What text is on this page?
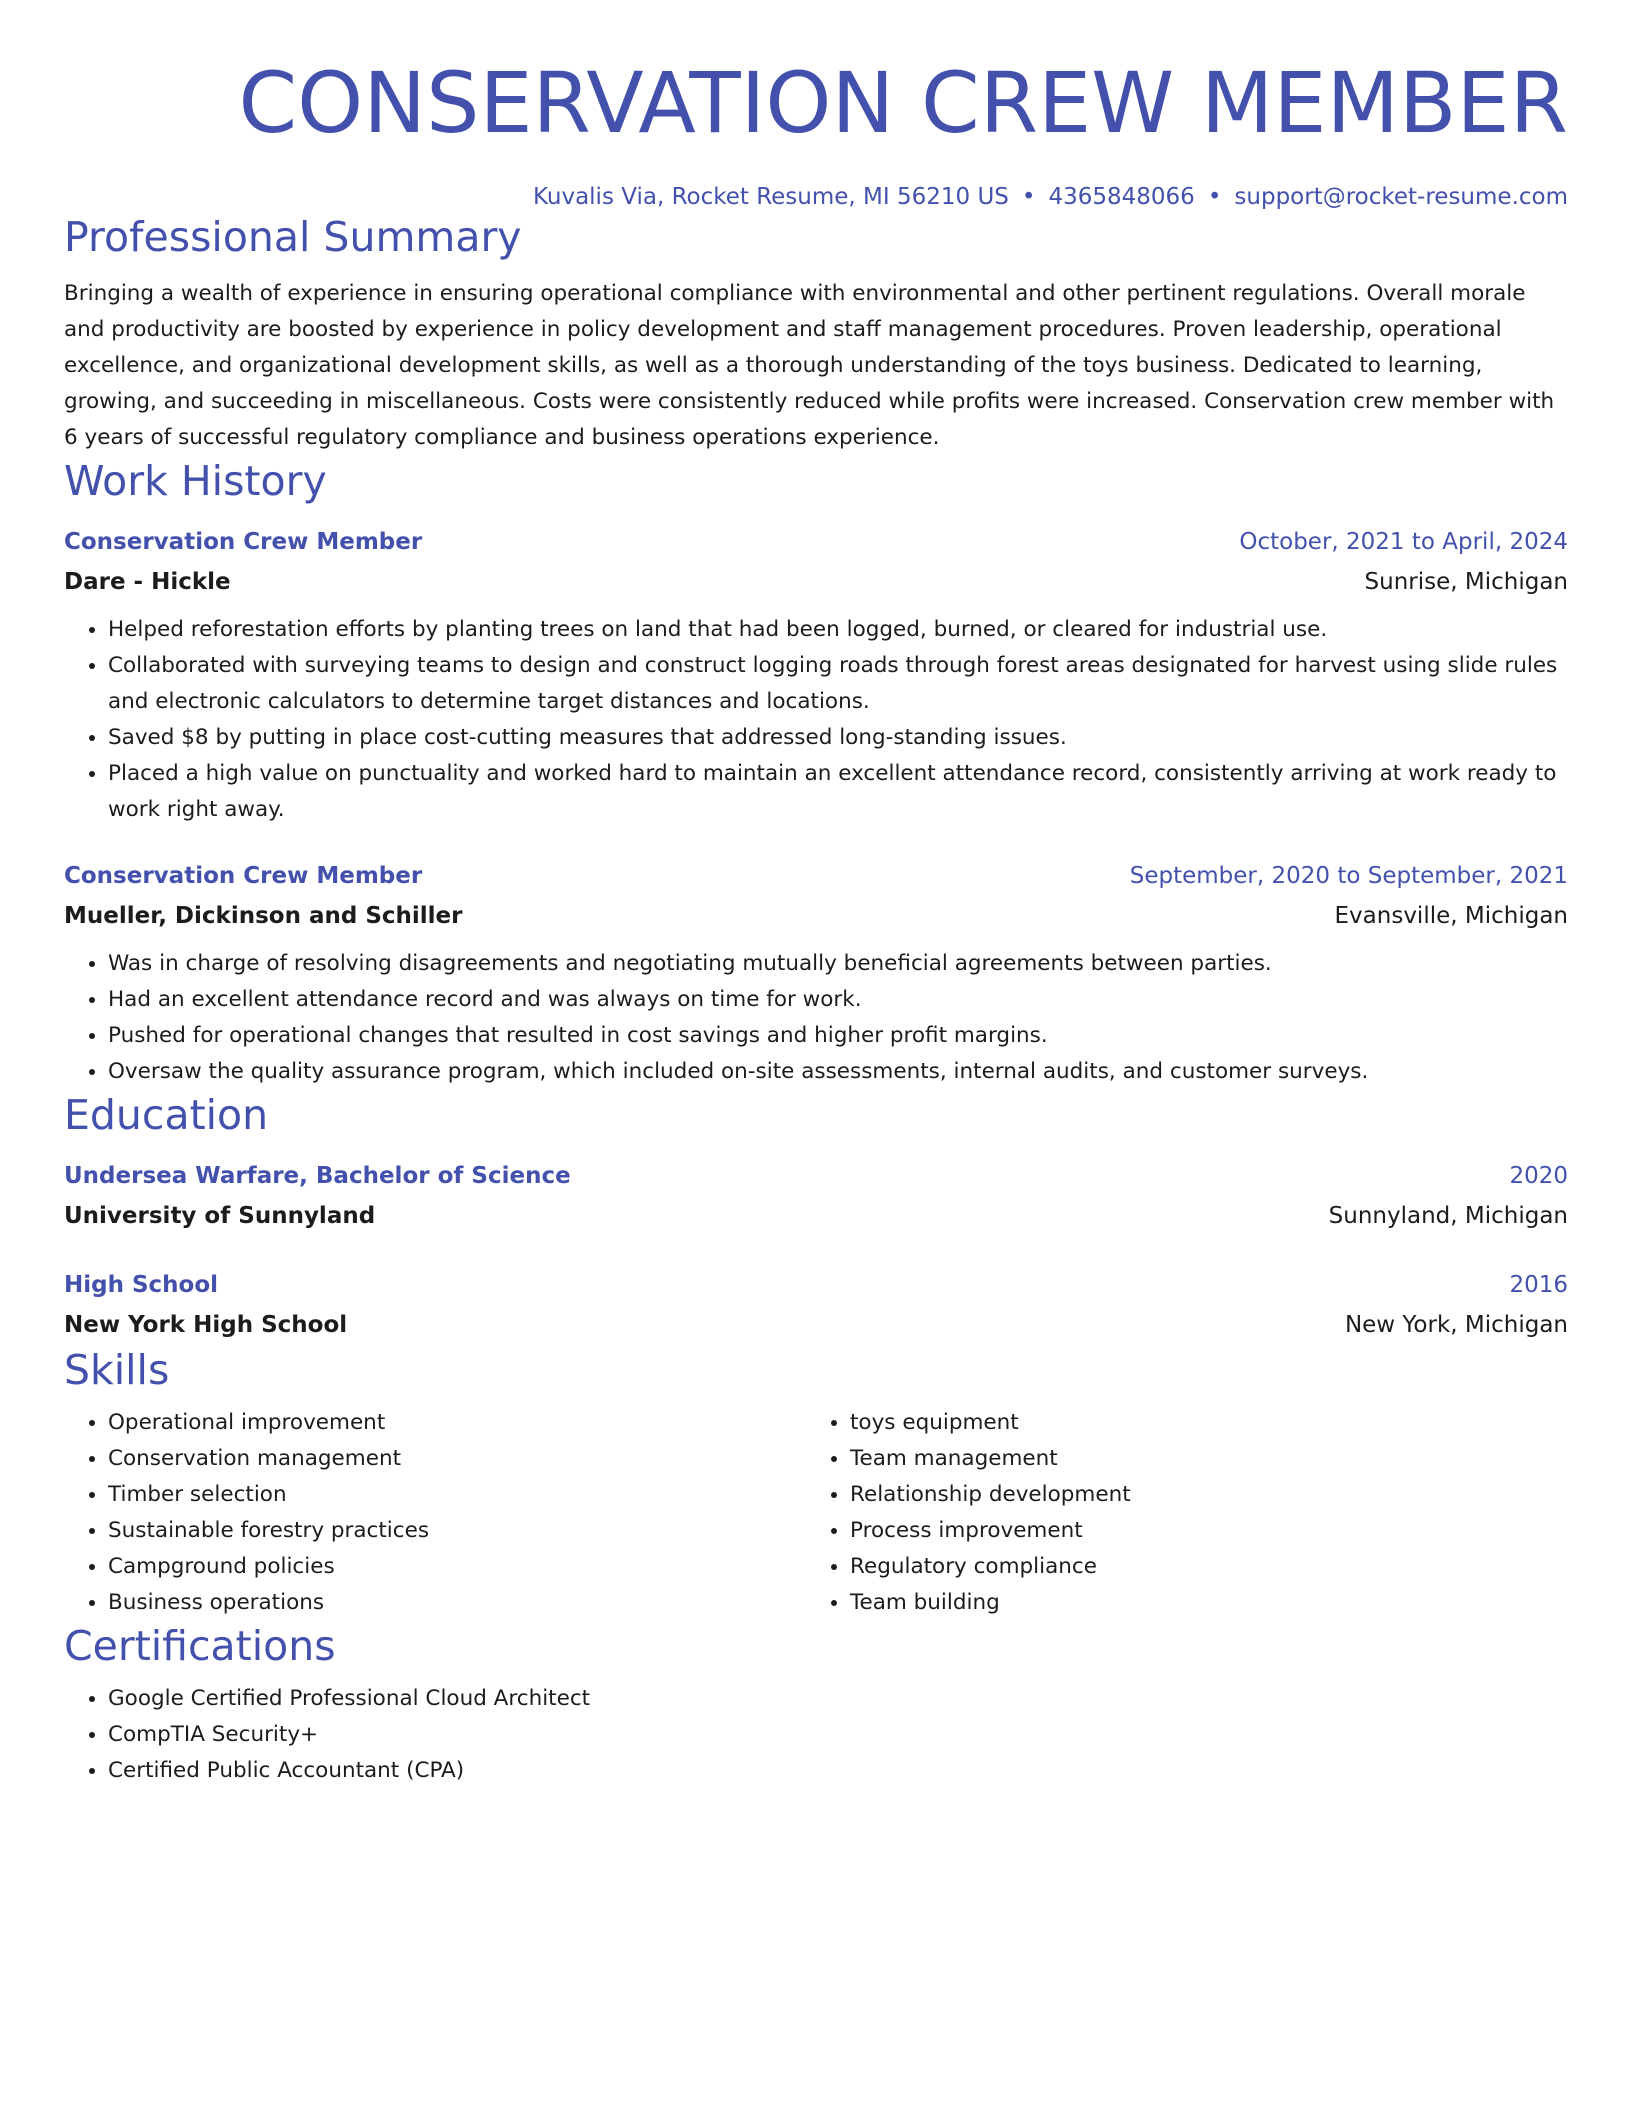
CONSERVATION CREW MEMBER
Kuvalis Via, Rocket Resume, MI 56210 US • 4365848066 • support@rocket-resume.com
Professional Summary

Bringing a wealth of experience in ensuring operational compliance with environmental and other pertinent regulations. Overall morale and productivity are boosted by experience in policy development and staff management procedures. Proven leadership, operational excellence, and organizational development skills, as well as a thorough understanding of the toys business. Dedicated to learning, growing, and succeeding in miscellaneous. Costs were consistently reduced while profits were increased. Conservation crew member with 6 years of successful regulatory compliance and business operations experience.

Work History
Conservation Crew Member	October, 2021 to April, 2024
Dare - Hickle	Sunrise, Michigan
• Helped reforestation efforts by planting trees on land that had been logged, burned, or cleared for industrial use.
• Collaborated with surveying teams to design and construct logging roads through forest areas designated for harvest using slide rules and electronic calculators to determine target distances and locations.
• Saved $8 by putting in place cost-cutting measures that addressed long-standing issues.
• Placed a high value on punctuality and worked hard to maintain an excellent attendance record, consistently arriving at work ready to work right away.
Conservation Crew Member	September, 2020 to September, 2021
Mueller, Dickinson and Schiller	Evansville, Michigan
• Was in charge of resolving disagreements and negotiating mutually beneficial agreements between parties.
• Had an excellent attendance record and was always on time for work.
• Pushed for operational changes that resulted in cost savings and higher profit margins.
• Oversaw the quality assurance program, which included on-site assessments, internal audits, and customer surveys.
Education
Undersea Warfare, Bachelor of Science	2020
University of Sunnyland	Sunnyland, Michigan
High School	2016
New York High School	New York, Michigan
Skills
• Operational improvement
• Conservation management
• Timber selection
• Sustainable forestry practices
• Campground policies
• Business operations
• toys equipment
• Team management
• Relationship development
• Process improvement
• Regulatory compliance
• Team building
Certifications
• Google Certified Professional Cloud Architect
• CompTIA Security+
• Certified Public Accountant (CPA)
